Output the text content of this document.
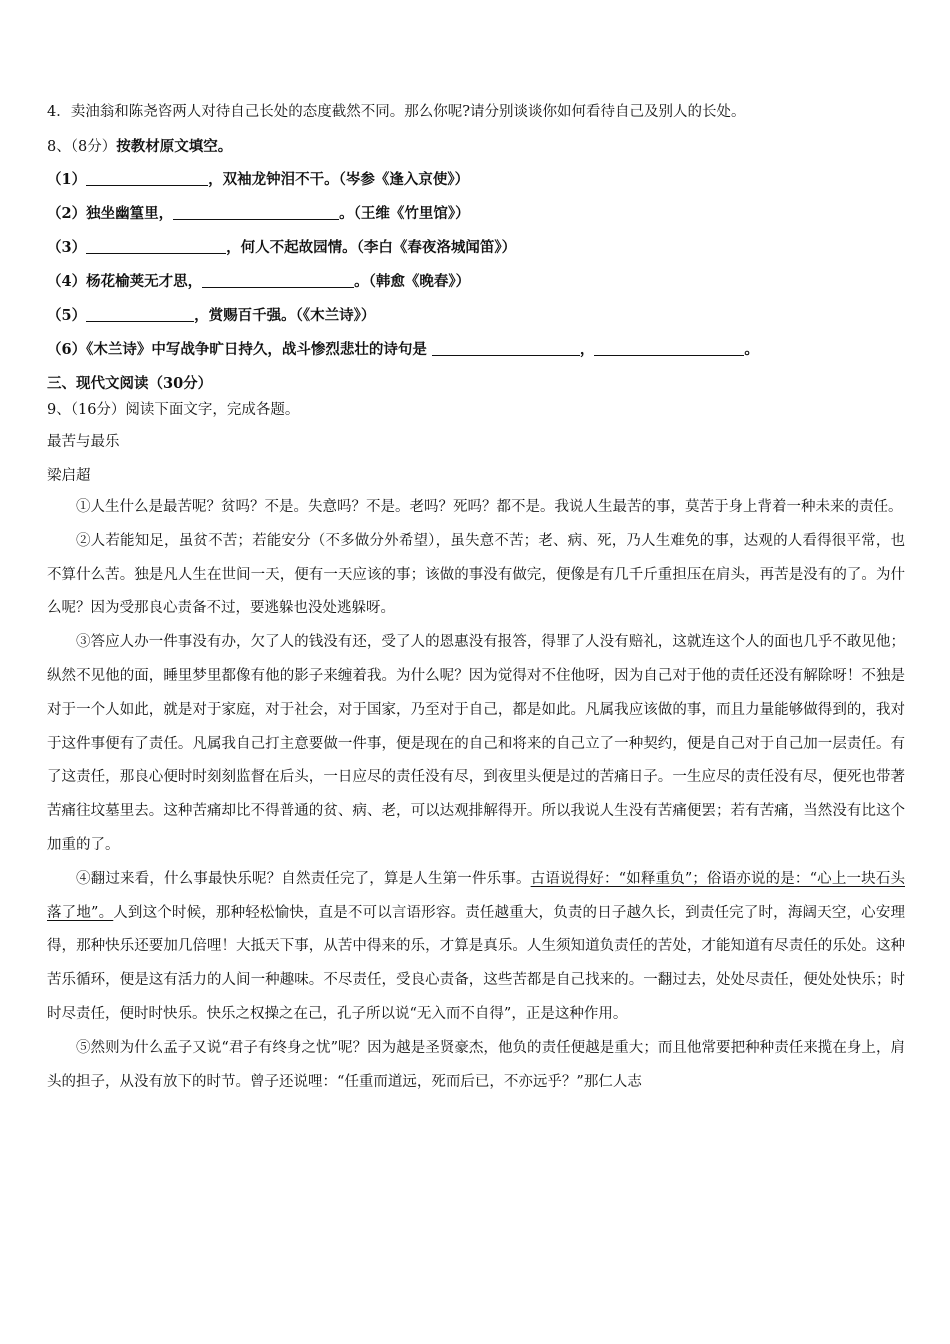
4．卖油翁和陈尧咨两人对待自己长处的态度截然不同。那么你呢?请分别谈谈你如何看待自己及别人的长处。
8、（8分）按教材原文填空。
（1）	，双袖龙钟泪不干。（岑参《逢入京使》）
（2）独坐幽篁里，	。（王维《竹里馆》）
（3）	，何人不起故园情。（李白《春夜洛城闻笛》）
（4）杨花榆荚无才思，	。（韩愈《晚春》）
（5）	，赏赐百千强。（《木兰诗》）
（6）《木兰诗》中写战争旷日持久，战斗惨烈悲壮的诗句是	，	。
三、现代文阅读（30分）
9、（16分）阅读下面文字，完成各题。
最苦与最乐
梁启超

①人生什么是最苦呢？贫吗？不是。失意吗？不是。老吗？死吗？都不是。我说人生最苦的事，莫苦于身上背着一种未来的责任。

②人若能知足，虽贫不苦；若能安分（不多做分外希望），虽失意不苦；老、病、死，乃人生难免的事，达观的人看得很平常，也不算什么苦。独是凡人生在世间一天，便有一天应该的事；该做的事没有做完，便像是有几千斤重担压在肩头，再苦是没有的了。为什么呢？因为受那良心责备不过，要逃躲也没处逃躲呀。

③答应人办一件事没有办，欠了人的钱没有还，受了人的恩惠没有报答，得罪了人没有赔礼，这就连这个人的面也几乎不敢见他；纵然不见他的面，睡里梦里都像有他的影子来缠着我。为什么呢？因为觉得对不住他呀，因为自己对于他的责任还没有解除呀！不独是对于一个人如此，就是对于家庭，对于社会，对于国家，乃至对于自己，都是如此。凡属我应该做的事，而且力量能够做得到的，我对于这件事便有了责任。凡属我自己打主意要做一件事，便是现在的自己和将来的自己立了一种契约，便是自己对于自己加一层责任。有了这责任，那良心便时时刻刻监督在后头，一日应尽的责任没有尽，到夜里头便是过的苦痛日子。一生应尽的责任没有尽，便死也带著苦痛往坟墓里去。这种苦痛却比不得普通的贫、病、老，可以达观排解得开。所以我说人生没有苦痛便罢；若有苦痛，当然没有比这个加重的了。

④翻过来看，什么事最快乐呢？自然责任完了，算是人生第一件乐事。古语说得好：“如释重负”；俗语亦说的是：“心上一块石头落了地”。人到这个时候，那种轻松愉快，直是不可以言语形容。责任越重大，负责的日子越久长，到责任完了时，海阔天空，心安理得，那种快乐还要加几倍哩！大抵天下事，从苦中得来的乐，才算是真乐。人生须知道负责任的苦处，才能知道有尽责任的乐处。这种苦乐循环，便是这有活力的人间一种趣味。不尽责任，受良心责备，这些苦都是自己找来的。一翻过去，处处尽责任，便处处快乐；时时尽责任，便时时快乐。快乐之权操之在己，孔子所以说“无入而不自得”，正是这种作用。

⑤然则为什么孟子又说“君子有终身之忧”呢？因为越是圣贤豪杰，他负的责任便越是重大；而且他常要把种种责任来揽在身上，肩头的担子，从没有放下的时节。曾子还说哩：“任重而道远，死而后已，不亦远乎？”那仁人志
